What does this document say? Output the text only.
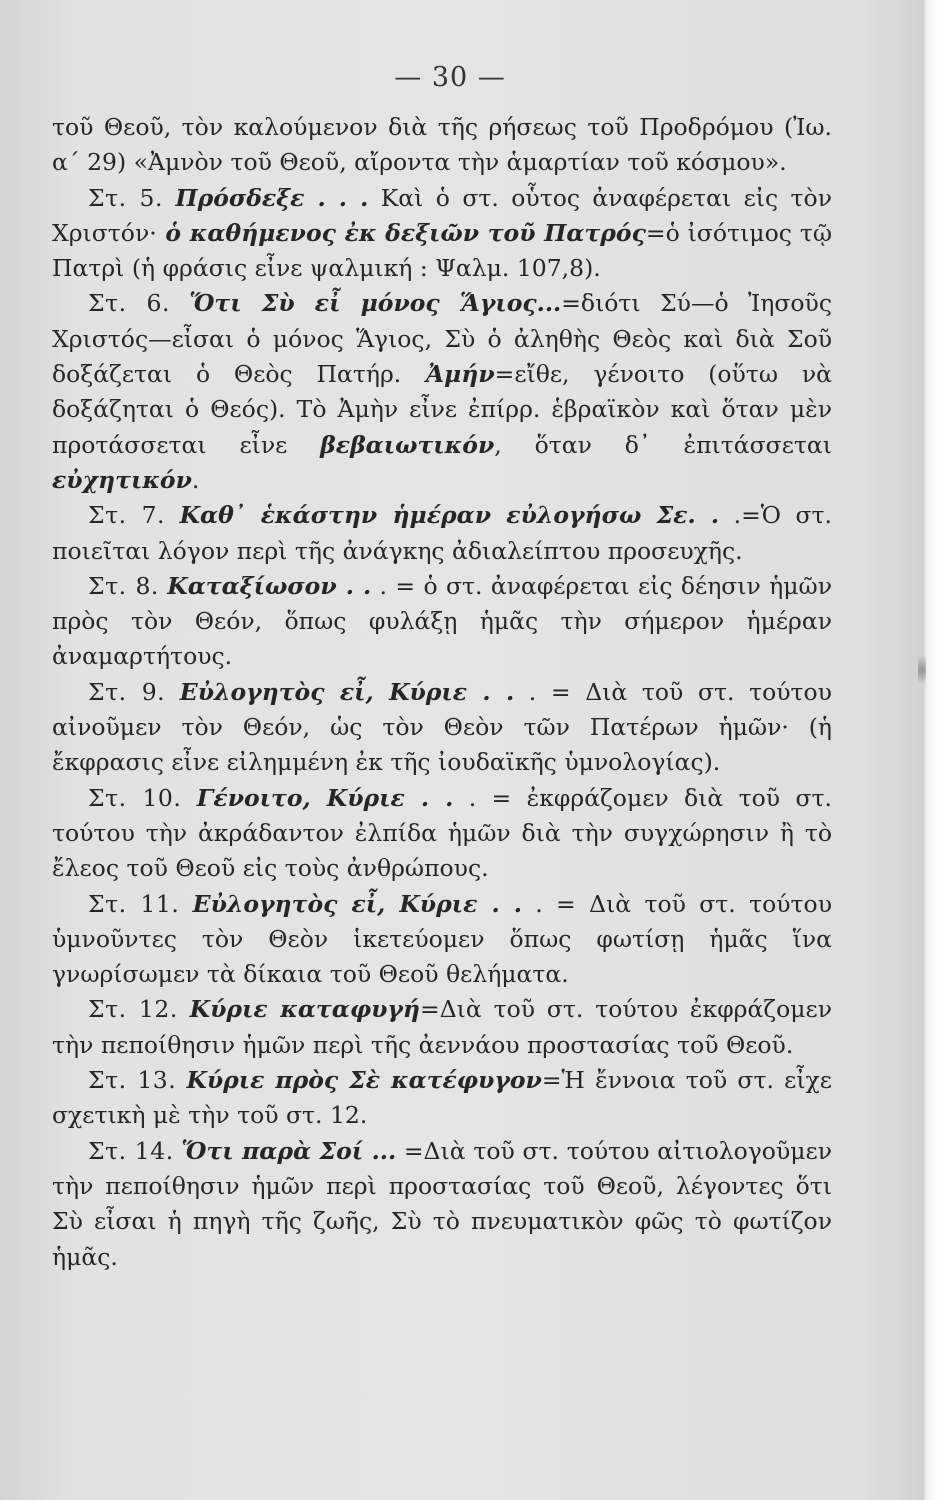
— 30 —

τοῦ Θεοῦ, τὸν καλούμενον διὰ τῆς ρήσεως τοῦ Προδρόμου (Ἰω. α΄ 29) «Ἀμνὸν τοῦ Θεοῦ, αἴροντα τὴν ἁμαρτίαν τοῦ κόσμου».

Στ. 5. Πρόσδεξε . . . Καὶ ὁ στ. οὗτος ἀναφέρεται εἰς τὸν Χριστόν· ὁ καθήμενος ἐκ δεξιῶν τοῦ Πατρός=ὁ ἰσότιμος τῷ Πατρὶ (ἡ φράσις εἶνε ψαλμική : Ψαλμ. 107,8).

Στ. 6. Ὅτι Σὺ εἶ μόνος Ἅγιος...=διότι Σύ—ὁ Ἰησοῦς Χριστός—εἶσαι ὁ μόνος Ἅγιος, Σὺ ὁ ἀληθὴς Θεὸς καὶ διὰ Σοῦ δοξάζεται ὁ Θεὸς Πατήρ. Ἀμήν=εἴθε, γένοιτο (οὕτω νὰ δοξάζηται ὁ Θεός). Τὸ Ἀμὴν εἶνε ἐπίρρ. ἑβραϊκὸν καὶ ὅταν μὲν προτάσσεται εἶνε βεβαιωτικόν, ὅταν δ᾿ ἐπιτάσσεται εὐχητικόν.

Στ. 7. Καθ᾿ ἑκάστην ἡμέραν εὐλογήσω Σε. . .=Ὁ στ. ποιεῖται λόγον περὶ τῆς ἀνάγκης ἀδιαλείπτου προσευχῆς.

Στ. 8. Καταξίωσον . . . = ὁ στ. ἀναφέρεται εἰς δέησιν ἡμῶν πρὸς τὸν Θεόν, ὅπως φυλάξῃ ἡμᾶς τὴν σήμερον ἡμέραν ἀναμαρτήτους.

Στ. 9. Εὐλογητὸς εἶ, Κύριε . . . = Διὰ τοῦ στ. τούτου αἰνοῦμεν τὸν Θεόν, ὡς τὸν Θεὸν τῶν Πατέρων ἡμῶν· (ἡ ἔκφρασις εἶνε εἰλημμένη ἐκ τῆς ἰουδαϊκῆς ὑμνολογίας).

Στ. 10. Γένοιτο, Κύριε . . . = ἐκφράζομεν διὰ τοῦ στ. τούτου τὴν ἀκράδαντον ἐλπίδα ἡμῶν διὰ τὴν συγχώρησιν ἢ τὸ ἔλεος τοῦ Θεοῦ εἰς τοὺς ἀνθρώπους.

Στ. 11. Εὐλογητὸς εἶ, Κύριε . . . = Διὰ τοῦ στ. τούτου ὑμνοῦντες τὸν Θεὸν ἱκετεύομεν ὅπως φωτίσῃ ἡμᾶς ἵνα γνωρίσωμεν τὰ δίκαια τοῦ Θεοῦ θελήματα.

Στ. 12. Κύριε καταφυγή=Διὰ τοῦ στ. τούτου ἐκφράζομεν τὴν πεποίθησιν ἡμῶν περὶ τῆς ἀεννάου προστασίας τοῦ Θεοῦ.

Στ. 13. Κύριε πρὸς Σὲ κατέφυγον=Ἡ ἔννοια τοῦ στ. εἶχε σχετικὴ μὲ τὴν τοῦ στ. 12.

Στ. 14. Ὅτι παρὰ Σοί ... =Διὰ τοῦ στ. τούτου αἰτιολογοῦμεν τὴν πεποίθησιν ἡμῶν περὶ προστασίας τοῦ Θεοῦ, λέγοντες ὅτι Σὺ εἶσαι ἡ πηγὴ τῆς ζωῆς, Σὺ τὸ πνευματικὸν φῶς τὸ φωτίζον ἡμᾶς.
